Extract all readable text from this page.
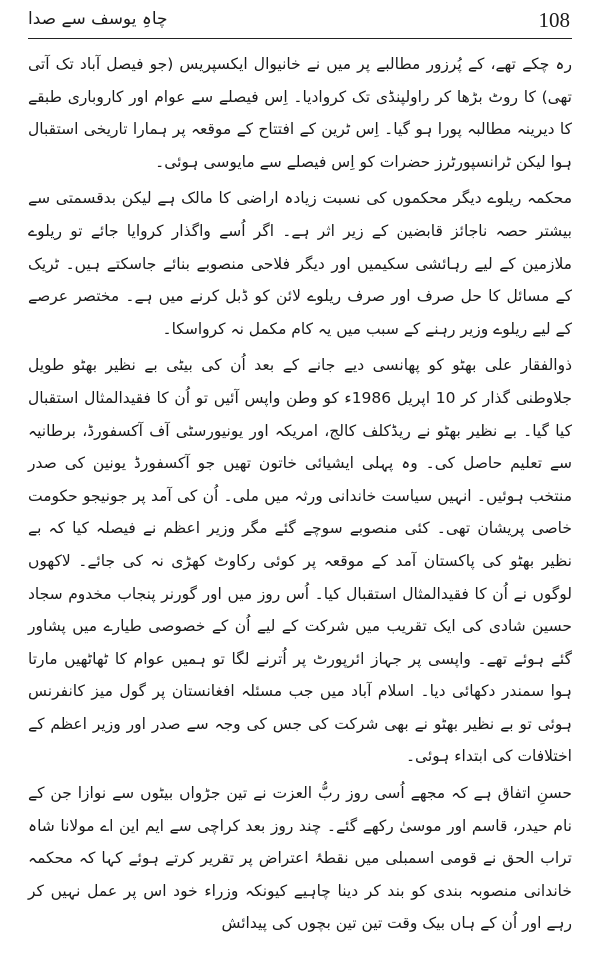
چاہِ یوسف سے صدا	108

رہ چکے تھے، کے پُرزور مطالبے پر میں نے خانیوال ایکسپریس (جو فیصل آباد تک آتی تھی) کا روٹ بڑھا کر راولپنڈی تک کروادیا۔ اِس فیصلے سے عوام اور کاروباری طبقے کا دیرینہ مطالبہ پورا ہو گیا۔ اِس ٹرین کے افتتاح کے موقعہ پر ہمارا تاریخی استقبال ہوا لیکن ٹرانسپورٹرز حضرات کو اِس فیصلے سے مایوسی ہوئی۔

محکمہ ریلوے دیگر محکموں کی نسبت زیادہ اراضی کا مالک ہے لیکن بدقسمتی سے بیشتر حصہ ناجائز قابضین کے زیر اثر ہے۔ اگر اُسے واگذار کروایا جائے تو ریلوے ملازمین کے لیے رہائشی سکیمیں اور دیگر فلاحی منصوبے بنائے جاسکتے ہیں۔ ٹریک کے مسائل کا حل صرف اور صرف ریلوے لائن کو ڈبل کرنے میں ہے۔ مختصر عرصے کے لیے ریلوے وزیر رہنے کے سبب میں یہ کام مکمل نہ کرواسکا۔

ذوالفقار علی بھٹو کو پھانسی دیے جانے کے بعد اُن کی بیٹی بے نظیر بھٹو طویل جلاوطنی گذار کر 10 اپریل 1986ء کو وطن واپس آئیں تو اُن کا فقیدالمثال استقبال کیا گیا۔ بے نظیر بھٹو نے ریڈکلف کالج، امریکہ اور یونیورسٹی آف آکسفورڈ، برطانیہ سے تعلیم حاصل کی۔ وہ پہلی ایشیائی خاتون تھیں جو آکسفورڈ یونین کی صدر منتخب ہوئیں۔ انہیں سیاست خاندانی ورثہ میں ملی۔ اُن کی آمد پر جونیجو حکومت خاصی پریشان تھی۔ کئی منصوبے سوچے گئے مگر وزیر اعظم نے فیصلہ کیا کہ بے نظیر بھٹو کی پاکستان آمد کے موقعہ پر کوئی رکاوٹ کھڑی نہ کی جائے۔ لاکھوں لوگوں نے اُن کا فقیدالمثال استقبال کیا۔ اُس روز میں اور گورنر پنجاب مخدوم سجاد حسین شادی کی ایک تقریب میں شرکت کے لیے اُن کے خصوصی طیارے میں پشاور گئے ہوئے تھے۔ واپسی پر جہاز ائرپورٹ پر اُترنے لگا تو ہمیں عوام کا ٹھاٹھیں مارتا ہوا سمندر دکھائی دیا۔ اسلام آباد میں جب مسئلہ افغانستان پر گول میز کانفرنس ہوئی تو بے نظیر بھٹو نے بھی شرکت کی جس کی وجہ سے صدر اور وزیر اعظم کے اختلافات کی ابتداء ہوئی۔

حسنِ اتفاق ہے کہ مجھے اُسی روز ربُّ العزت نے تین جڑواں بیٹوں سے نوازا جن کے نام حیدر، قاسم اور موسیٰ رکھے گئے۔ چند روز بعد کراچی سے ایم این اے مولانا شاہ تراب الحق نے قومی اسمبلی میں نقطۂ اعتراض پر تقریر کرتے ہوئے کہا کہ محکمہ خاندانی منصوبہ بندی کو بند کر دینا چاہیے کیونکہ وزراء خود اس پر عمل نہیں کر رہے اور اُن کے ہاں بیک وقت تین تین بچوں کی پیدائش
